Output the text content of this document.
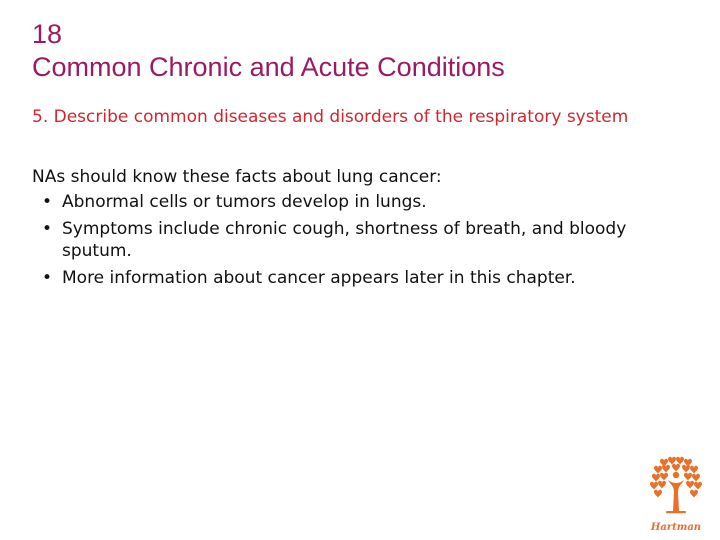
18
Common Chronic and Acute Conditions
5. Describe common diseases and disorders of the respiratory system

NAs should know these facts about lung cancer:

• Abnormal cells or tumors develop in lungs.
• Symptoms include chronic cough, shortness of breath, and bloody sputum.
• More information about cancer appears later in this chapter.
Hartman
